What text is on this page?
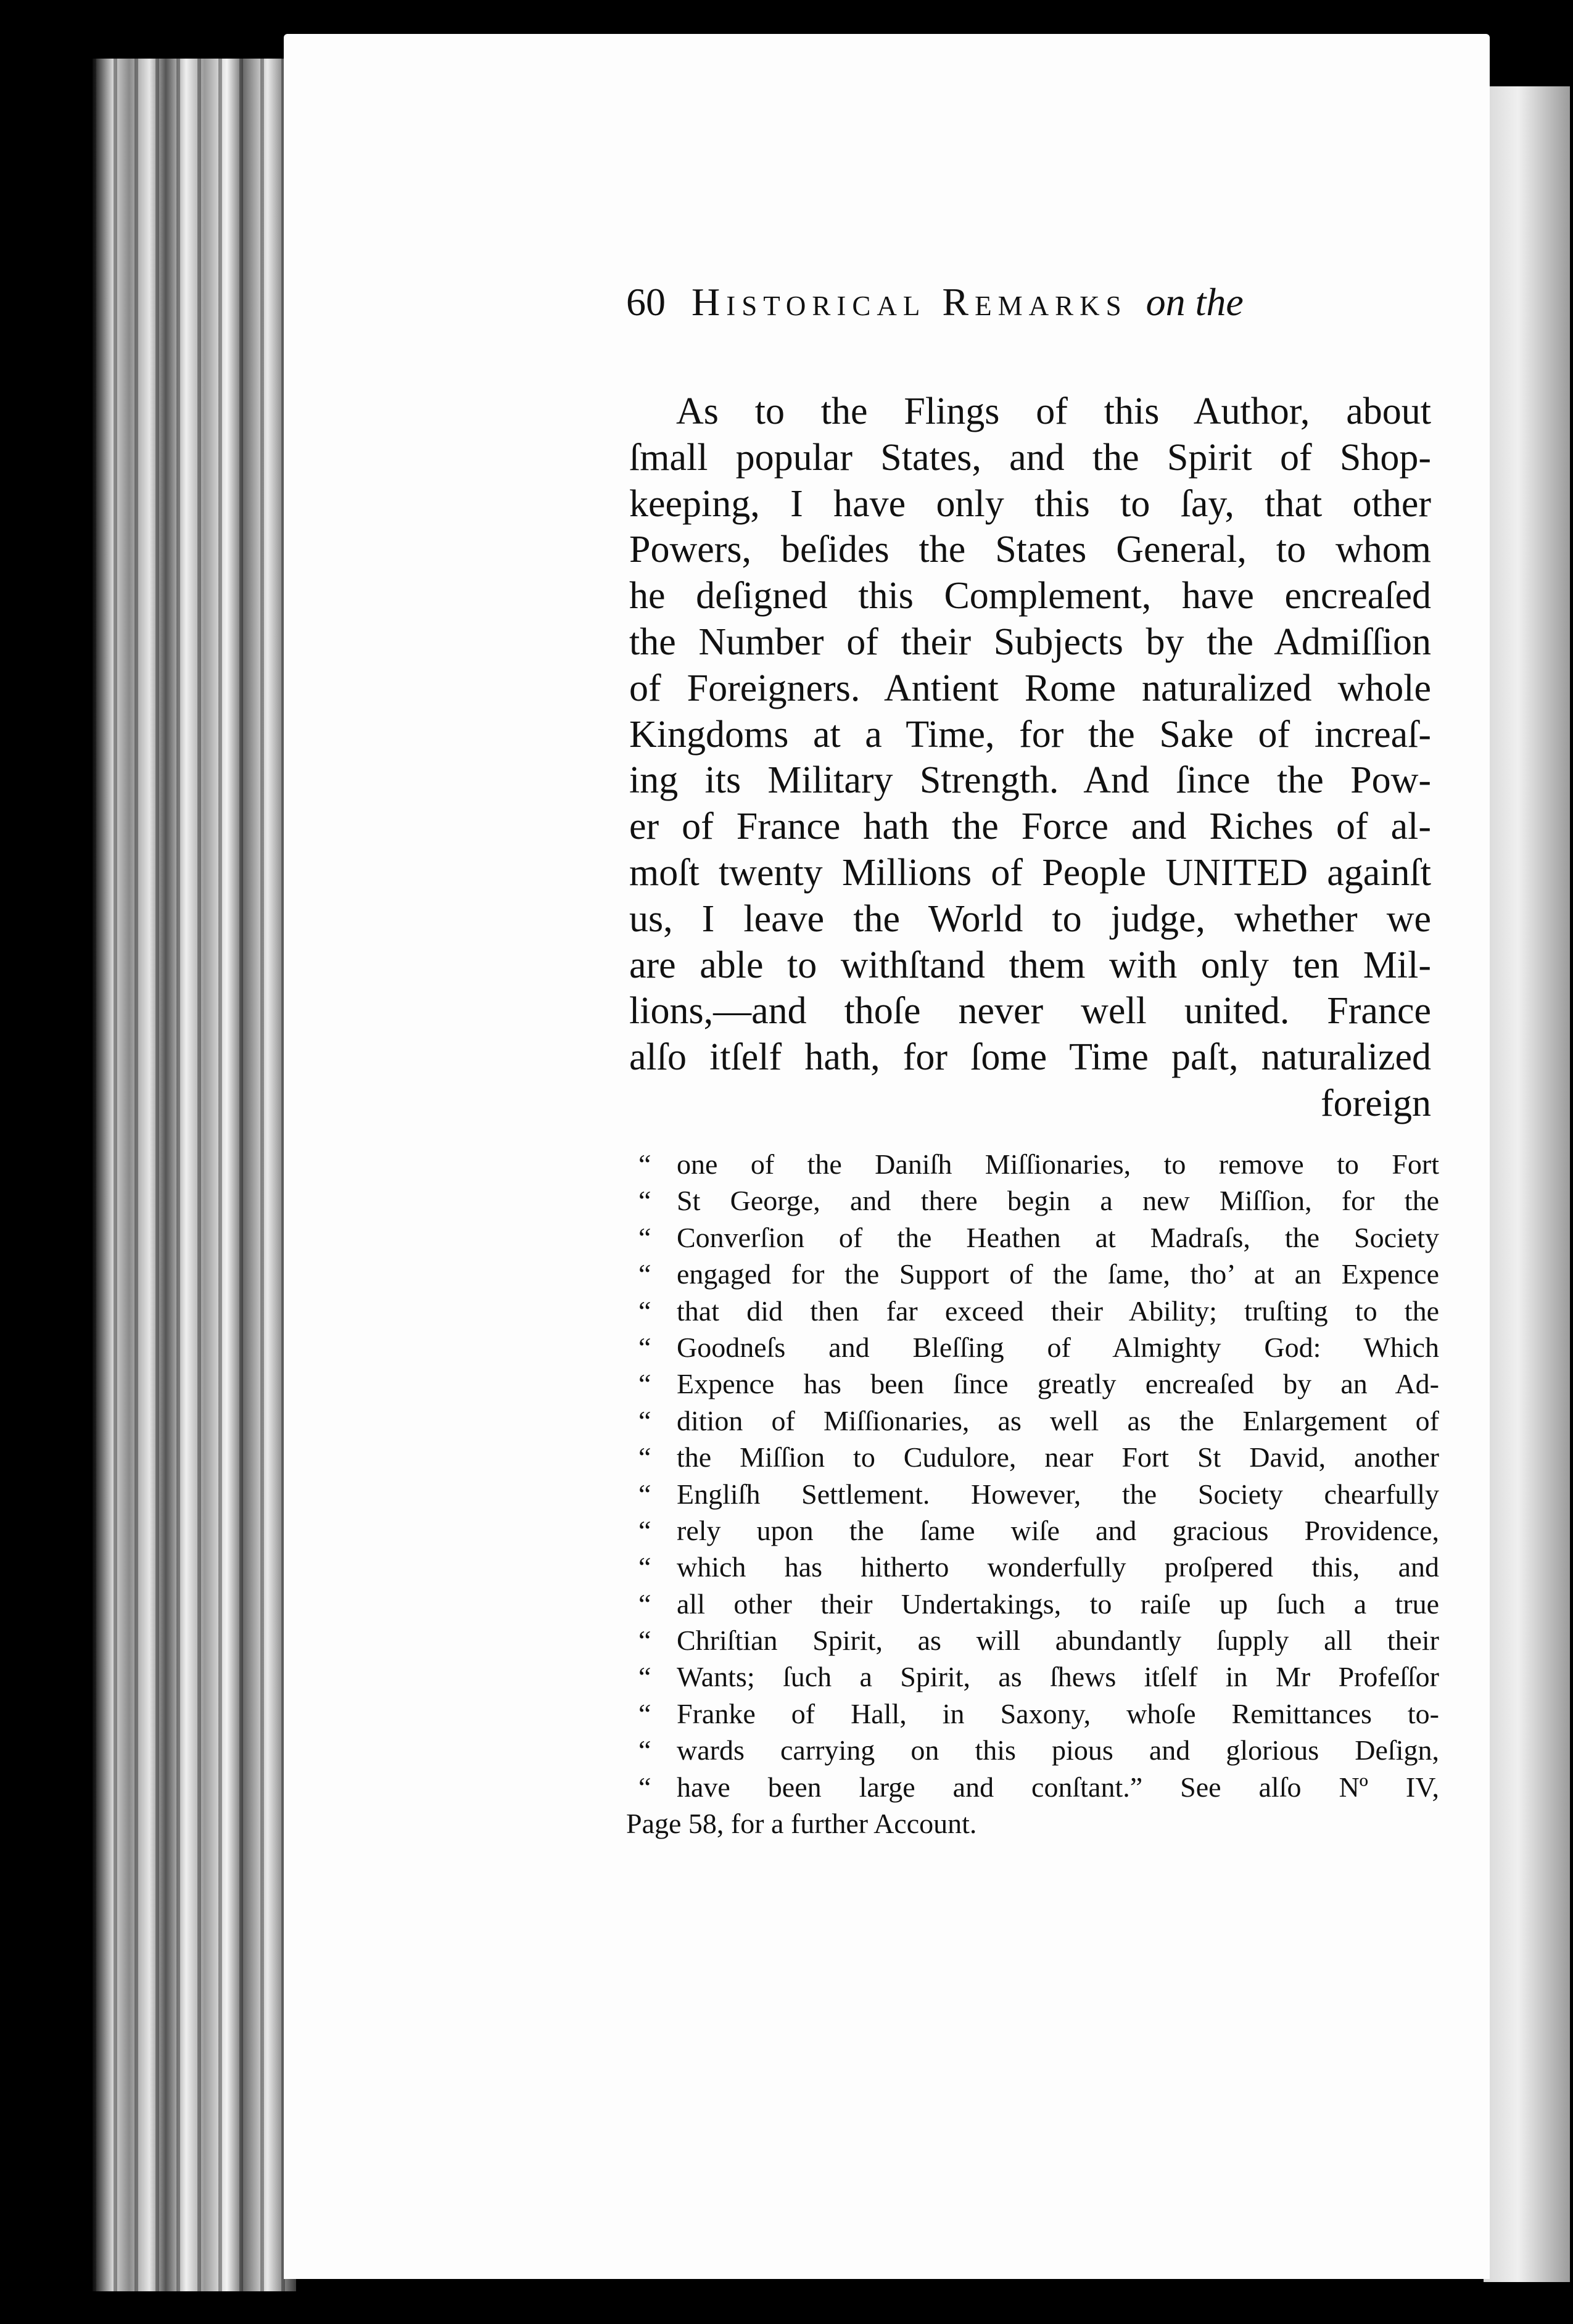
60 Historical Remarks on the
As to the Flings of this Author, about
ſmall popular States, and the Spirit of Shop-
keeping, I have only this to ſay, that other
Powers, beſides the States General, to whom
he deſigned this Complement, have encreaſed
the Number of their Subjects by the Admiſſion
of Foreigners. Antient Rome naturalized whole
Kingdoms at a Time, for the Sake of increaſ-
ing its Military Strength. And ſince the Pow-
er of France hath the Force and Riches of al-
moſt twenty Millions of People UNITED againſt
us, I leave the World to judge, whether we
are able to withſtand them with only ten Mil-
lions,—and thoſe never well united. France
alſo itſelf hath, for ſome Time paſt, naturalized
foreign
“ one of the Daniſh Miſſionaries, to remove to Fort
“ St George, and there begin a new Miſſion, for the
“ Converſion of the Heathen at Madraſs, the Society
“ engaged for the Support of the ſame, tho’ at an Expence
“ that did then far exceed their Ability; truſting to the
“ Goodneſs and Bleſſing of Almighty God: Which
“ Expence has been ſince greatly encreaſed by an Ad-
“ dition of Miſſionaries, as well as the Enlargement of
“ the Miſſion to Cudulore, near Fort St David, another
“ Engliſh Settlement. However, the Society chearfully
“ rely upon the ſame wiſe and gracious Providence,
“ which has hitherto wonderfully proſpered this, and
“ all other their Undertakings, to raiſe up ſuch a true
“ Chriſtian Spirit, as will abundantly ſupply all their
“ Wants; ſuch a Spirit, as ſhews itſelf in Mr Profeſſor
“ Franke of Hall, in Saxony, whoſe Remittances to-
“ wards carrying on this pious and glorious Deſign,
“ have been large and conſtant.” See alſo Nº IV,
Page 58, for a further Account.
